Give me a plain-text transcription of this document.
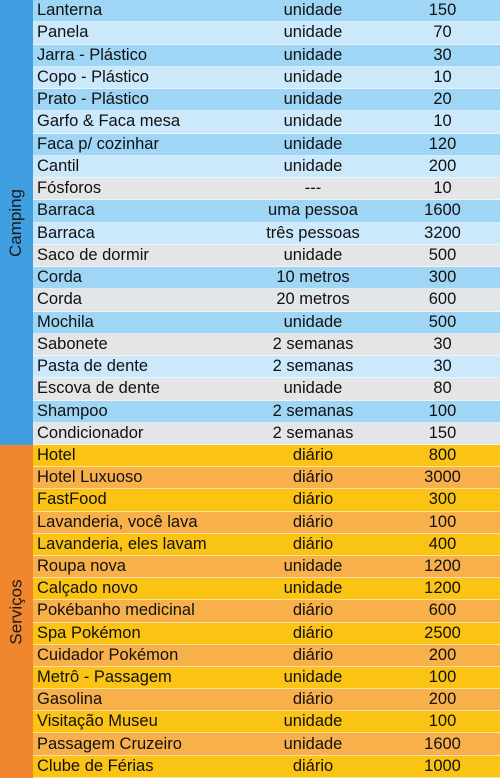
Camping
Lanterna	unidade	150
Panela	unidade	70
Jarra - Plástico	unidade	30
Copo - Plástico	unidade	10
Prato - Plástico	unidade	20
Garfo & Faca mesa	unidade	10
Faca p/ cozinhar	unidade	120
Cantil	unidade	200
Fósforos	---	10
Barraca	uma pessoa	1600
Barraca	três pessoas	3200
Saco de dormir	unidade	500
Corda	10 metros	300
Corda	20 metros	600
Mochila	unidade	500
Sabonete	2 semanas	30
Pasta de dente	2 semanas	30
Escova de dente	unidade	80
Shampoo	2 semanas	100
Condicionador	2 semanas	150
Serviços
Hotel	diário	800
Hotel Luxuoso	diário	3000
FastFood	diário	300
Lavanderia, você lava	diário	100
Lavanderia, eles lavam	diário	400
Roupa nova	unidade	1200
Calçado novo	unidade	1200
Pokébanho medicinal	diário	600
Spa Pokémon	diário	2500
Cuidador Pokémon	diário	200
Metrô - Passagem	unidade	100
Gasolina	diário	200
Visitação Museu	unidade	100
Passagem Cruzeiro	unidade	1600
Clube de Férias	diário	1000
